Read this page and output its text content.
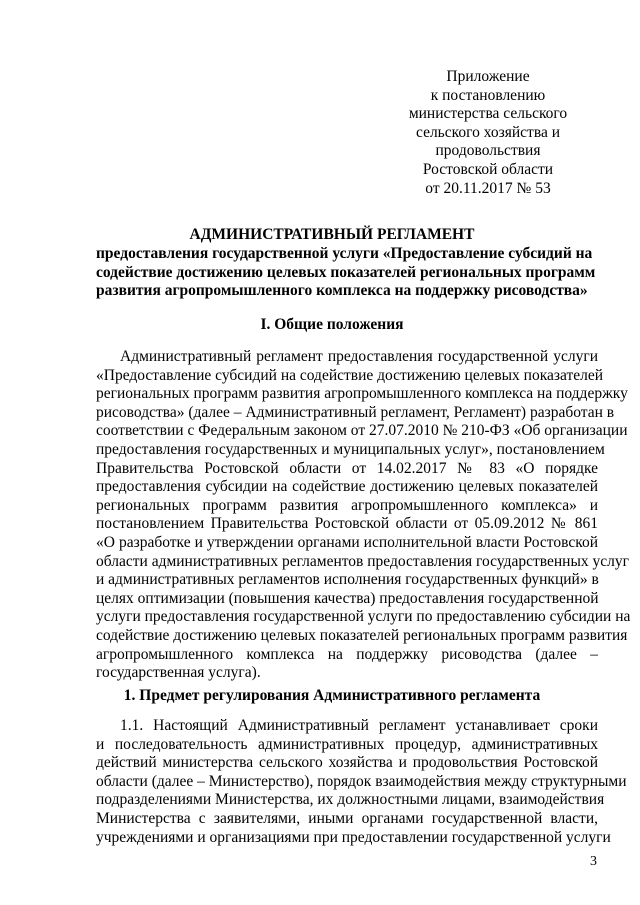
Приложение
к постановлению
министерства сельского
сельского хозяйства и
продовольствия
Ростовской области
от 20.11.2017 № 53
АДМИНИСТРАТИВНЫЙ РЕГЛАМЕНТ
предоставления государственной услуги «Предоставление субсидий на
содействие достижению целевых показателей региональных программ
развития агропромышленного комплекса на поддержку рисоводства»
I. Общие положения

Административный регламент предоставления государственной услуги
«Предоставление субсидий на содействие достижению целевых показателей
региональных программ развития агропромышленного комплекса на поддержку
рисоводства» (далее – Административный регламент, Регламент) разработан в
соответствии с Федеральным законом от 27.07.2010 № 210-ФЗ «Об организации
предоставления государственных и муниципальных услуг», постановлением
Правительства Ростовской области от 14.02.2017 № 83 «О порядке
предоставления субсидии на содействие достижению целевых показателей
региональных программ развития агропромышленного комплекса» и
постановлением Правительства Ростовской области от 05.09.2012 № 861
«О разработке и утверждении органами исполнительной власти Ростовской
области административных регламентов предоставления государственных услуг
и административных регламентов исполнения государственных функций» в
целях оптимизации (повышения качества) предоставления государственной
услуги предоставления государственной услуги по предоставлению субсидии на
содействие достижению целевых показателей региональных программ развития
агропромышленного комплекса на поддержку рисоводства (далее –
государственная услуга).

1. Предмет регулирования Административного регламента

1.1. Настоящий Административный регламент устанавливает сроки
и последовательность административных процедур, административных
действий министерства сельского хозяйства и продовольствия Ростовской
области (далее – Министерство), порядок взаимодействия между структурными
подразделениями Министерства, их должностными лицами, взаимодействия
Министерства с заявителями, иными органами государственной власти,
учреждениями и организациями при предоставлении государственной услуги

3
